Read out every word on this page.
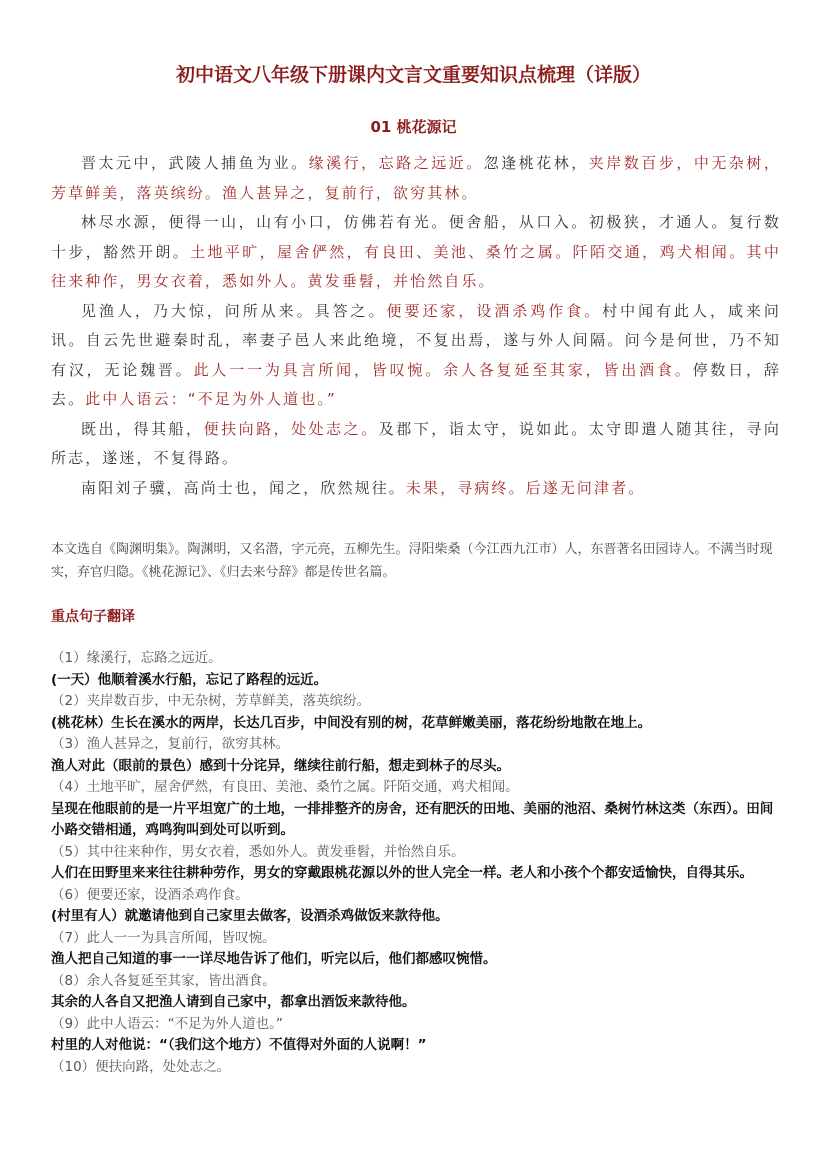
初中语文八年级下册课内文言文重要知识点梳理（详版）
01 桃花源记

晋太元中，武陵人捕鱼为业。缘溪行，忘路之远近。忽逢桃花林，夹岸数百步，中无杂树，芳草鲜美，落英缤纷。渔人甚异之，复前行，欲穷其林。

林尽水源，便得一山，山有小口，仿佛若有光。便舍船，从口入。初极狭，才通人。复行数十步，豁然开朗。土地平旷，屋舍俨然，有良田、美池、桑竹之属。阡陌交通，鸡犬相闻。其中往来种作，男女衣着，悉如外人。黄发垂髫，并怡然自乐。

见渔人，乃大惊，问所从来。具答之。便要还家，设酒杀鸡作食。村中闻有此人，咸来问讯。自云先世避秦时乱，率妻子邑人来此绝境，不复出焉，遂与外人间隔。问今是何世，乃不知有汉，无论魏晋。此人一一为具言所闻，皆叹惋。余人各复延至其家，皆出酒食。停数日，辞去。此中人语云：“不足为外人道也。”

既出，得其船，便扶向路，处处志之。及郡下，诣太守，说如此。太守即遣人随其往，寻向所志，遂迷，不复得路。

南阳刘子骥，高尚士也，闻之，欣然规往。未果，寻病终。后遂无问津者。

本文选自《陶渊明集》。陶渊明，又名潜，字元亮，五柳先生。浔阳柴桑（今江西九江市）人，东晋著名田园诗人。不满当时现实，弃官归隐。《桃花源记》、《归去来兮辞》都是传世名篇。

重点句子翻译

（1）缘溪行，忘路之远近。

(一天）他顺着溪水行船，忘记了路程的远近。

（2）夹岸数百步，中无杂树，芳草鲜美，落英缤纷。

(桃花林）生长在溪水的两岸，长达几百步，中间没有别的树，花草鲜嫩美丽，落花纷纷地散在地上。

（3）渔人甚异之，复前行，欲穷其林。

渔人对此（眼前的景色）感到十分诧异，继续往前行船，想走到林子的尽头。

（4）土地平旷，屋舍俨然，有良田、美池、桑竹之属。阡陌交通，鸡犬相闻。

呈现在他眼前的是一片平坦宽广的土地，一排排整齐的房舍，还有肥沃的田地、美丽的池沼、桑树竹林这类（东西）。田间小路交错相通，鸡鸣狗叫到处可以听到。

（5）其中往来种作，男女衣着，悉如外人。黄发垂髫，并怡然自乐。

人们在田野里来来往往耕种劳作，男女的穿戴跟桃花源以外的世人完全一样。老人和小孩个个都安适愉快，自得其乐。

（6）便要还家，设酒杀鸡作食。

(村里有人）就邀请他到自己家里去做客，设酒杀鸡做饭来款待他。

（7）此人一一为具言所闻，皆叹惋。

渔人把自己知道的事一一详尽地告诉了他们，听完以后，他们都感叹惋惜。

（8）余人各复延至其家，皆出酒食。

其余的人各自又把渔人请到自己家中，都拿出酒饭来款待他。

（9）此中人语云：“不足为外人道也。”

村里的人对他说：“（我们这个地方）不值得对外面的人说啊！”

（10）便扶向路，处处志之。
